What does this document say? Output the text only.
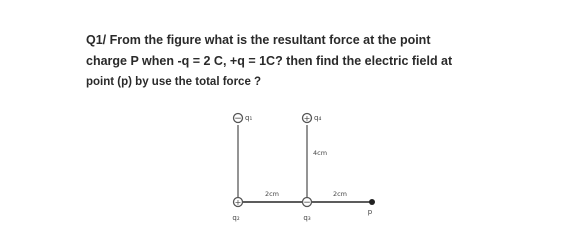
Q1/ From the figure what is the resultant force at the point
charge P when -q = 2 C, +q = 1C? then find the electric field at
point (p) by use the total force ?
− q₁	+ q₄
+
q₂
−
q₃
p
4cm
2cm	2cm
